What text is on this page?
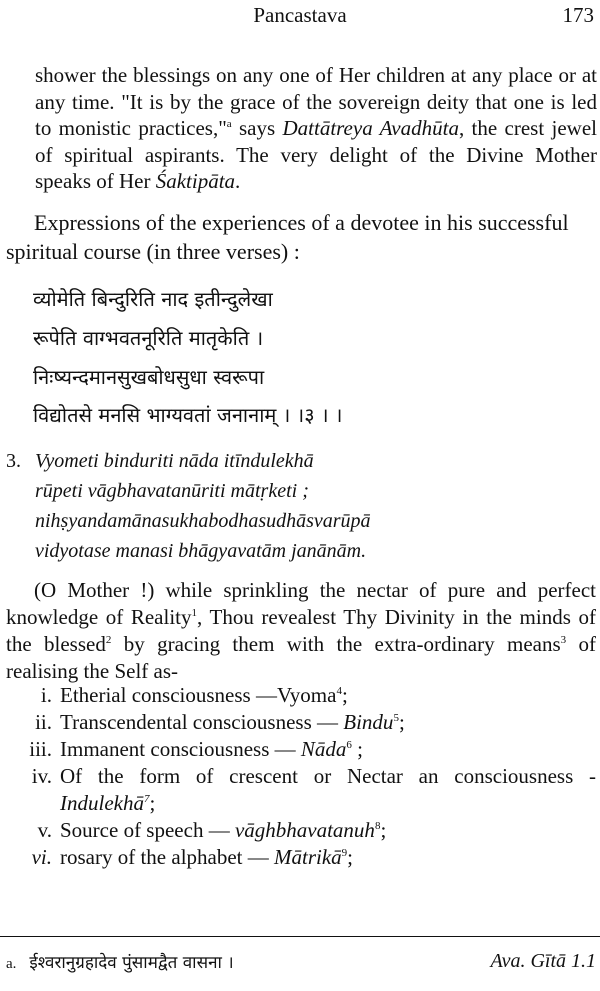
Pancastava	173

shower the blessings on any one of Her children at any place or at any time. "It is by the grace of the sovereign deity that one is led to monistic practices,"$^a$ says Dattātreya Avadhūta, the crest jewel of spiritual aspirants. The very delight of the Divine Mother speaks of Her Śaktipāta.

Expressions of the experiences of a devotee in his successful spiritual course (in three verses) :

व्योमेति बिन्दुरिति नाद इतीन्दुलेखा
रूपेति वाग्भवतनूरिति मातृकेति ।
निःष्यन्दमानसुखबोधसुधा स्वरूपा
विद्योतसे मनसि भाग्यवतां जनानाम् । ।३ । ।
3. Vyometi binduriti nāda itīndulekhā
rūpeti vāgbhavatanūriti mātṛketi ;
nihṣyandamānasukhabodhasudhāsvarūpā
vidyotase manasi bhāgyavatām janānām.

(O Mother !) while sprinkling the nectar of pure and perfect knowledge of Reality$^1$, Thou revealest Thy Divinity in the minds of the blessed$^2$ by gracing them with the extra-ordinary means$^3$ of realising the Self as-

i. Etherial consciousness —Vyoma$^4$;
ii. Transcendental consciousness — Bindu$^5$;
iii. Immanent consciousness — Nāda$^6$ ;
iv. Of the form of crescent or Nectar an consciousness -
Indulekhā$^7$;
v. Source of speech — vāghbhavatanuh$^8$;
vi. rosary of the alphabet — Mātrikā$^9$;
a. ईश्वरानुग्रहादेव पुंसामद्वैत वासना ।	Ava. Gītā 1.1
